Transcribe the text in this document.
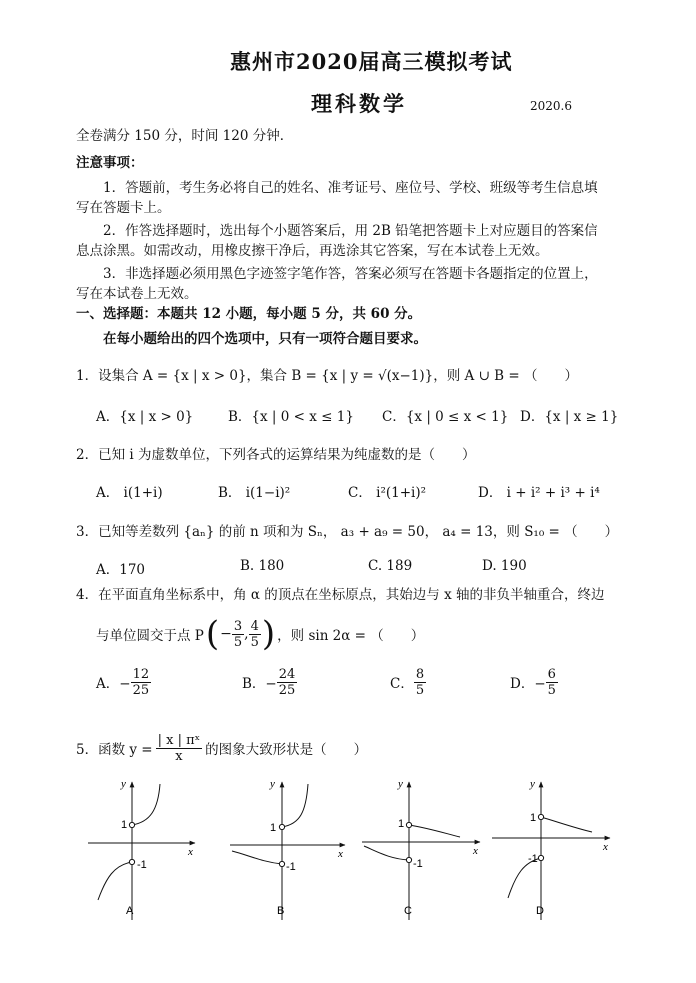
惠州市2020届高三模拟考试
理科数学	2020.6
全卷满分 150 分，时间 120 分钟．
注意事项：
1．答题前，考生务必将自己的姓名、准考证号、座位号、学校、班级等考生信息填
写在答题卡上。
2．作答选择题时，选出每个小题答案后，用 2B 铅笔把答题卡上对应题目的答案信
息点涂黑。如需改动，用橡皮擦干净后，再选涂其它答案，写在本试卷上无效。
3．非选择题必须用黑色字迹签字笔作答，答案必须写在答题卡各题指定的位置上，
写在本试卷上无效。
一、选择题：本题共 12 小题，每小题 5 分，共 60 分。
在每小题给出的四个选项中，只有一项符合题目要求。
1．设集合 A = {x | x > 0}，集合 B = {x | y = √(x−1)}，则 A ∪ B = （　　）
A．{x | x > 0}	B．{x | 0 < x ≤ 1} C．{x | 0 ≤ x < 1} D．{x | x ≥ 1}
2．已知 i 为虚数单位，下列各式的运算结果为纯虚数的是（　　）
A． i(1+i)	B． i(1−i)²	C． i²(1+i)²	D． i + i² + i³ + i⁴
3．已知等差数列 {aₙ} 的前 n 项和为 Sₙ， a₃ + a₉ = 50， a₄ = 13，则 S₁₀ = （　　）
A．170	B. 180	C. 189	D. 190
4．在平面直角坐标系中，角 α 的顶点在坐标原点，其始边与 x 轴的非负半轴重合，终边
与单位圆交于点 P ( − $\frac{3}{5}$ , $\frac{4}{5}$ ) ，则 sin 2α = （　　）
A．− $\frac{12}{25}$	B．− $\frac{24}{25}$	C． $\frac{8}{5}$	D．− $\frac{6}{5}$
5．函数 $y = \frac{\text{| x | πˣ}}{x}$ 的图象大致形状是（　　）
y
x
1
-1
A
y
x
1
-1
B
y
x
1
-1
C
y
x
1
-1
D
